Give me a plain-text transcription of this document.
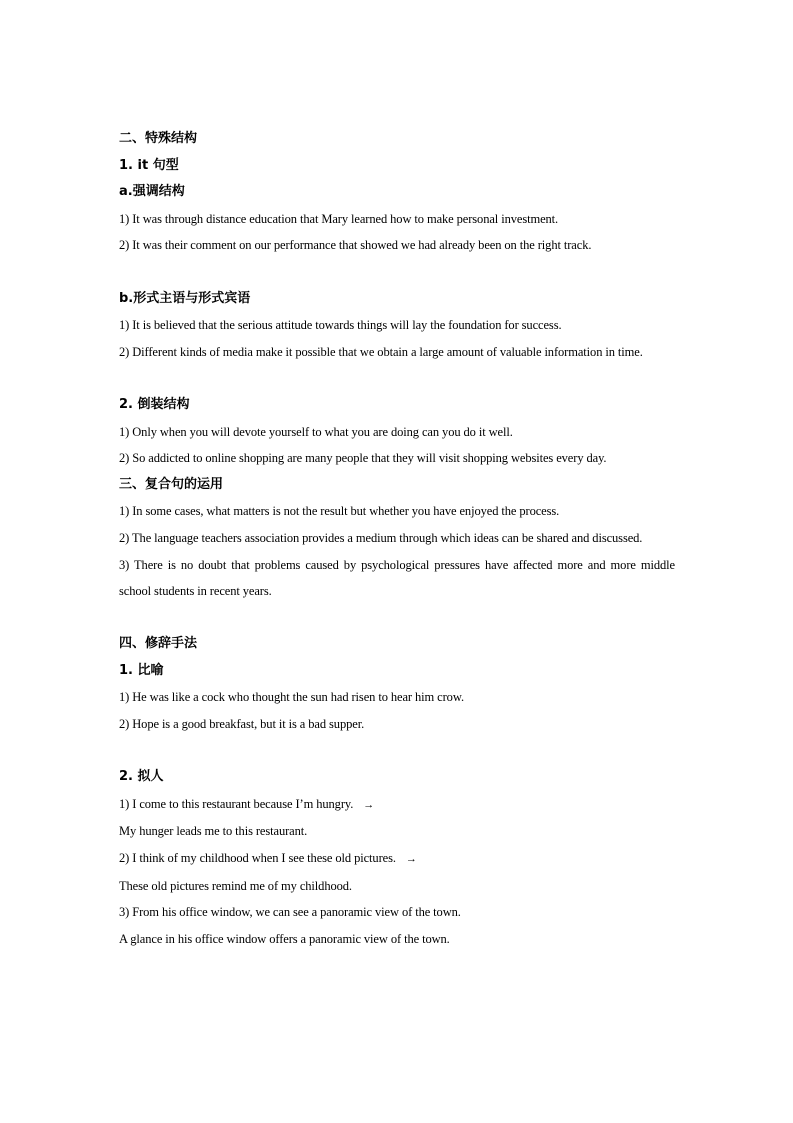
二、特殊结构
1. it 句型
a.强调结构
1) It was through distance education that Mary learned how to make personal investment.
2) It was their comment on our performance that showed we had already been on the right track.
b.形式主语与形式宾语
1) It is believed that the serious attitude towards things will lay the foundation for success.
2) Different kinds of media make it possible that we obtain a large amount of valuable information in time.
2. 倒装结构
1) Only when you will devote yourself to what you are doing can you do it well.
2) So addicted to online shopping are many people that they will visit shopping websites every day.
三、复合句的运用
1) In some cases, what matters is not the result but whether you have enjoyed the process.
2) The language teachers association provides a medium through which ideas can be shared and discussed.
3) There is no doubt that problems caused by psychological pressures have affected more and more middle school students in recent years.
四、修辞手法
1. 比喻
1) He was like a cock who thought the sun had risen to hear him crow.
2) Hope is a good breakfast, but it is a bad supper.
2. 拟人
1) I come to this restaurant because I’m hungry. →
My hunger leads me to this restaurant.
2) I think of my childhood when I see these old pictures. →
These old pictures remind me of my childhood.
3) From his office window, we can see a panoramic view of the town.
A glance in his office window offers a panoramic view of the town.
